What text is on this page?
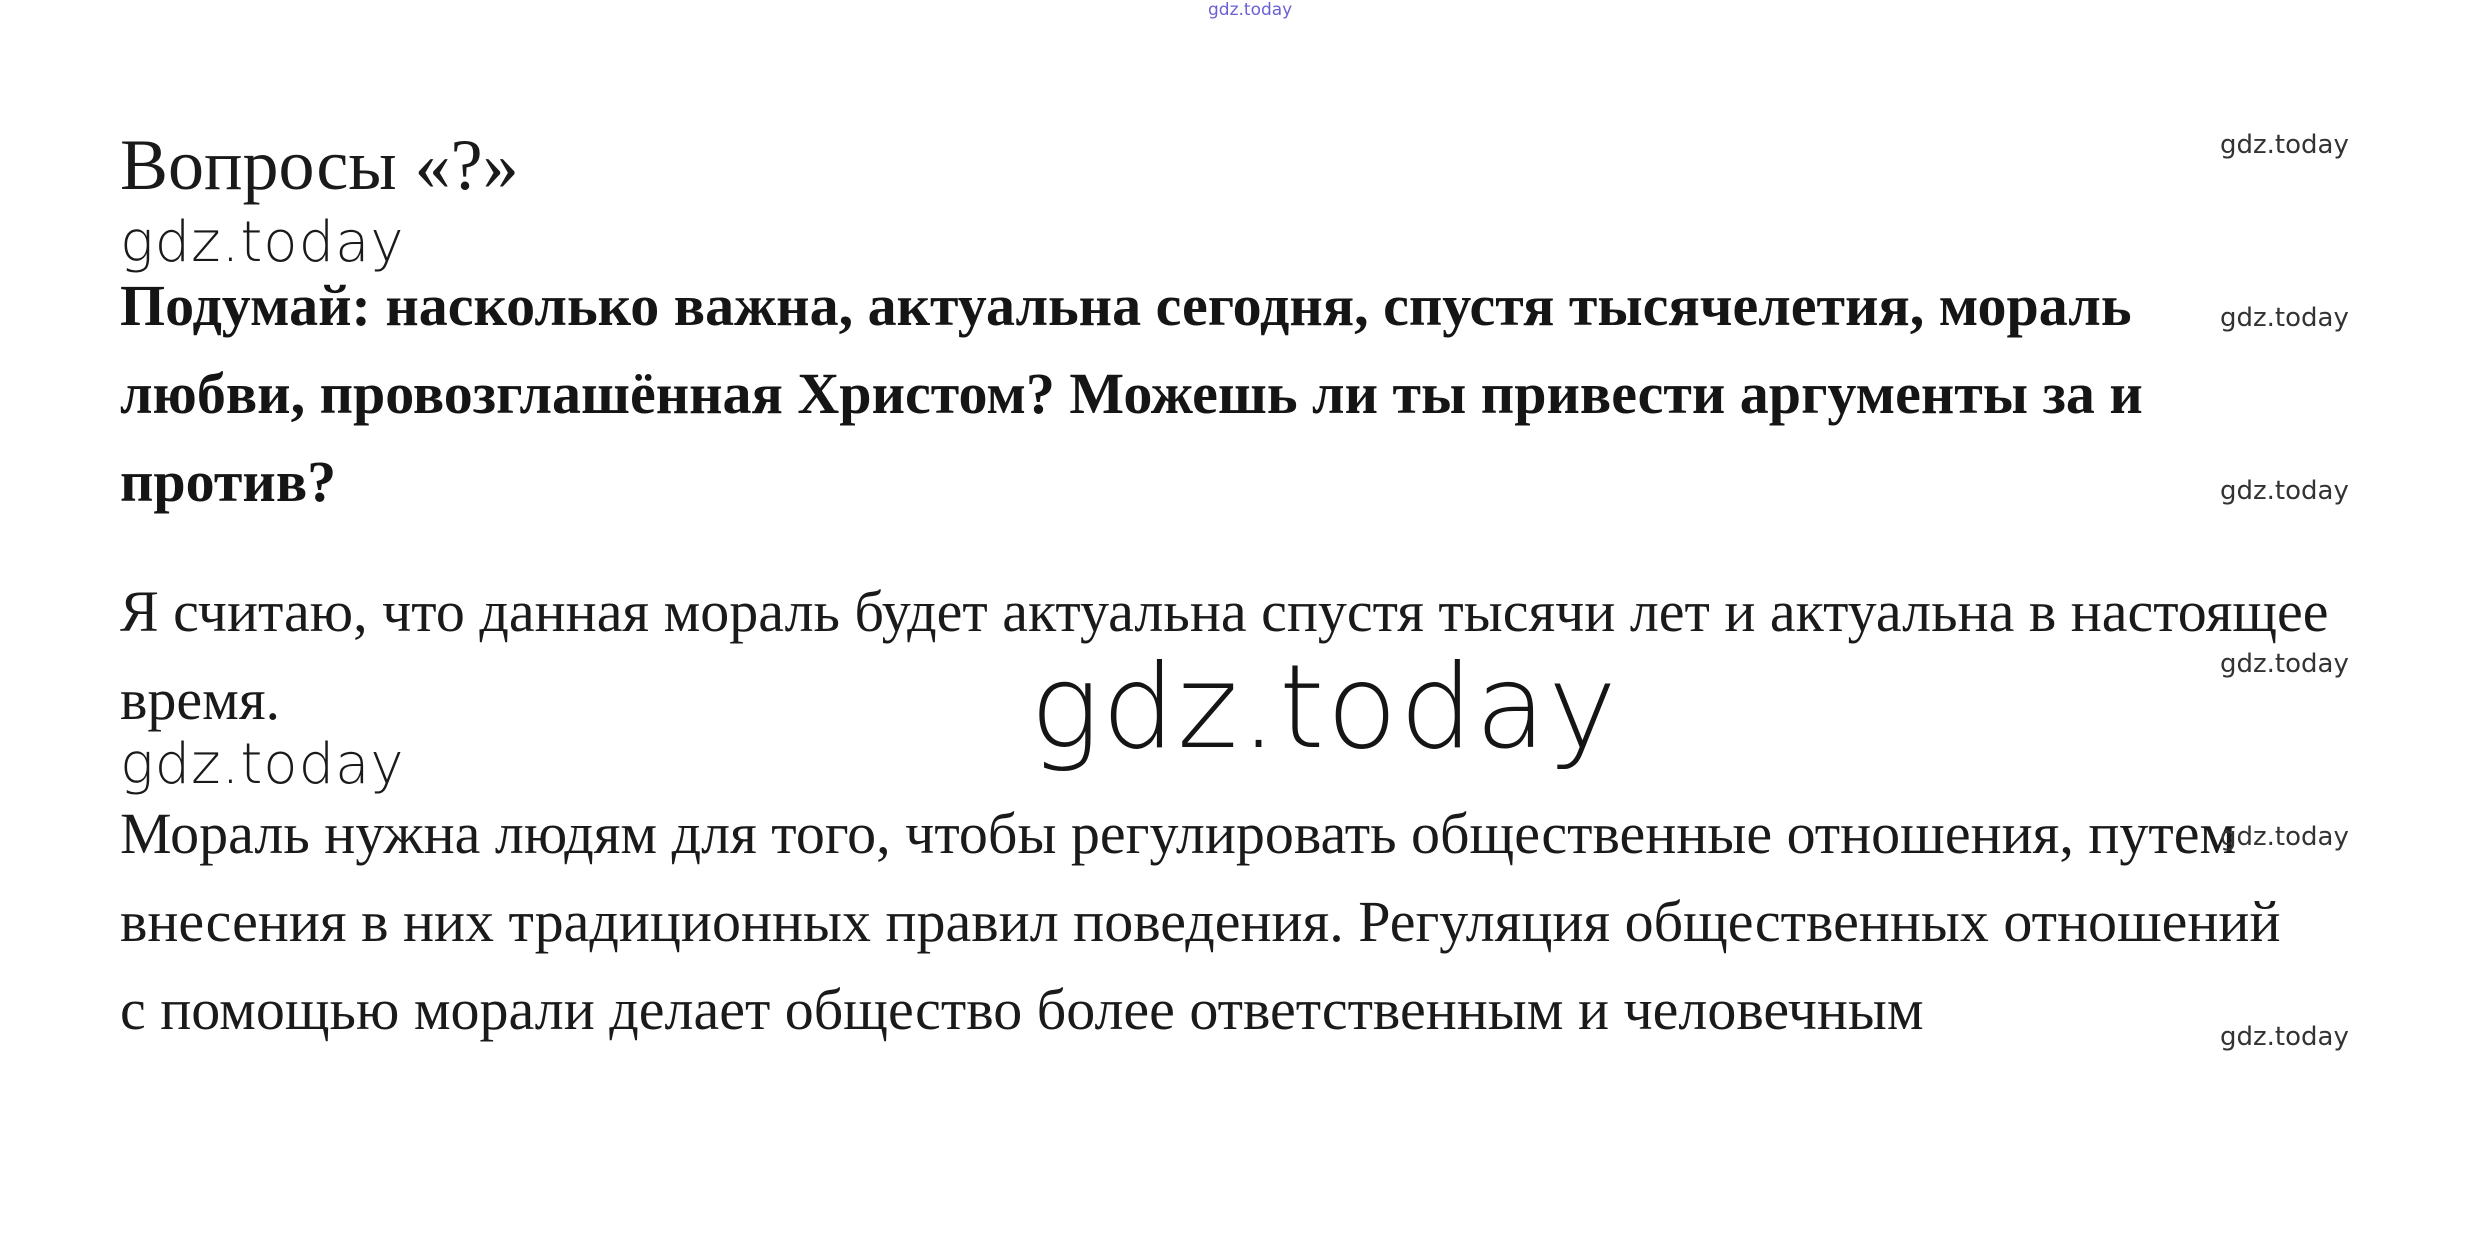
gdz.today
Вопросы «?»
gdz.today
Подумай: насколько важна, актуальна сегодня, спустя тысячелетия, мораль любви, провозглашённая Христом? Можешь ли ты привести аргументы за и против?
Я считаю, что данная мораль будет актуальна спустя тысячи лет и актуальна в настоящее время.
gdz.today
Мораль нужна людям для того, чтобы регулировать общественные отношения, путем внесения в них традиционных правил поведения. Регуляция общественных отношений с помощью морали делает общество более ответственным и человечным
gdz.today
gdz.today
gdz.today
gdz.today
gdz.today
gdz.today
gdz.today
